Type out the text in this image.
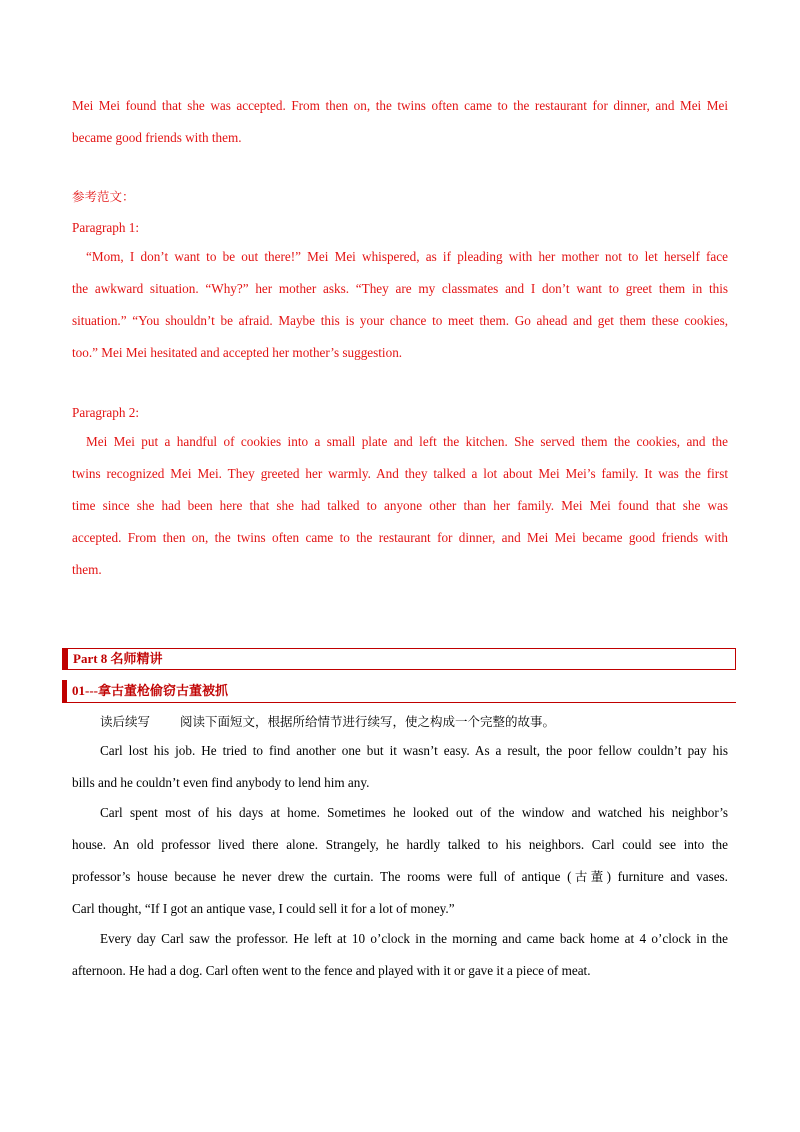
Mei Mei found that she was accepted. From then on, the twins often came to the restaurant for dinner, and Mei Mei
became good friends with them.
参考范文：
Paragraph 1:
“Mom, I don’t want to be out there!” Mei Mei whispered, as if pleading with her mother not to let herself face
the awkward situation. “Why?” her mother asks. “They are my classmates and I don’t want to greet them in this
situation.” “You shouldn’t be afraid. Maybe this is your chance to meet them. Go ahead and get them these cookies,
too.” Mei Mei hesitated and accepted her mother’s suggestion.
Paragraph 2:
Mei Mei put a handful of cookies into a small plate and left the kitchen. She served them the cookies, and the
twins recognized Mei Mei. They greeted her warmly. And they talked a lot about Mei Mei’s family. It was the first
time since she had been here that she had talked to anyone other than her family. Mei Mei found that she was
accepted. From then on, the twins often came to the restaurant for dinner, and Mei Mei became good friends with
them.
Part 8 名师精讲
01---拿古董枪偷窃古董被抓
读后续写 阅读下面短文，根据所给情节进行续写，使之构成一个完整的故事。
Carl lost his job. He tried to find another one but it wasn’t easy. As a result, the poor fellow couldn’t pay his
bills and he couldn’t even find anybody to lend him any.
Carl spent most of his days at home. Sometimes he looked out of the window and watched his neighbor’s
house. An old professor lived there alone. Strangely, he hardly talked to his neighbors. Carl could see into the
professor’s house because he never drew the curtain. The rooms were full of antique (古董) furniture and vases.
Carl thought, “If I got an antique vase, I could sell it for a lot of money.”
Every day Carl saw the professor. He left at 10 o’clock in the morning and came back home at 4 o’clock in the
afternoon. He had a dog. Carl often went to the fence and played with it or gave it a piece of meat.
